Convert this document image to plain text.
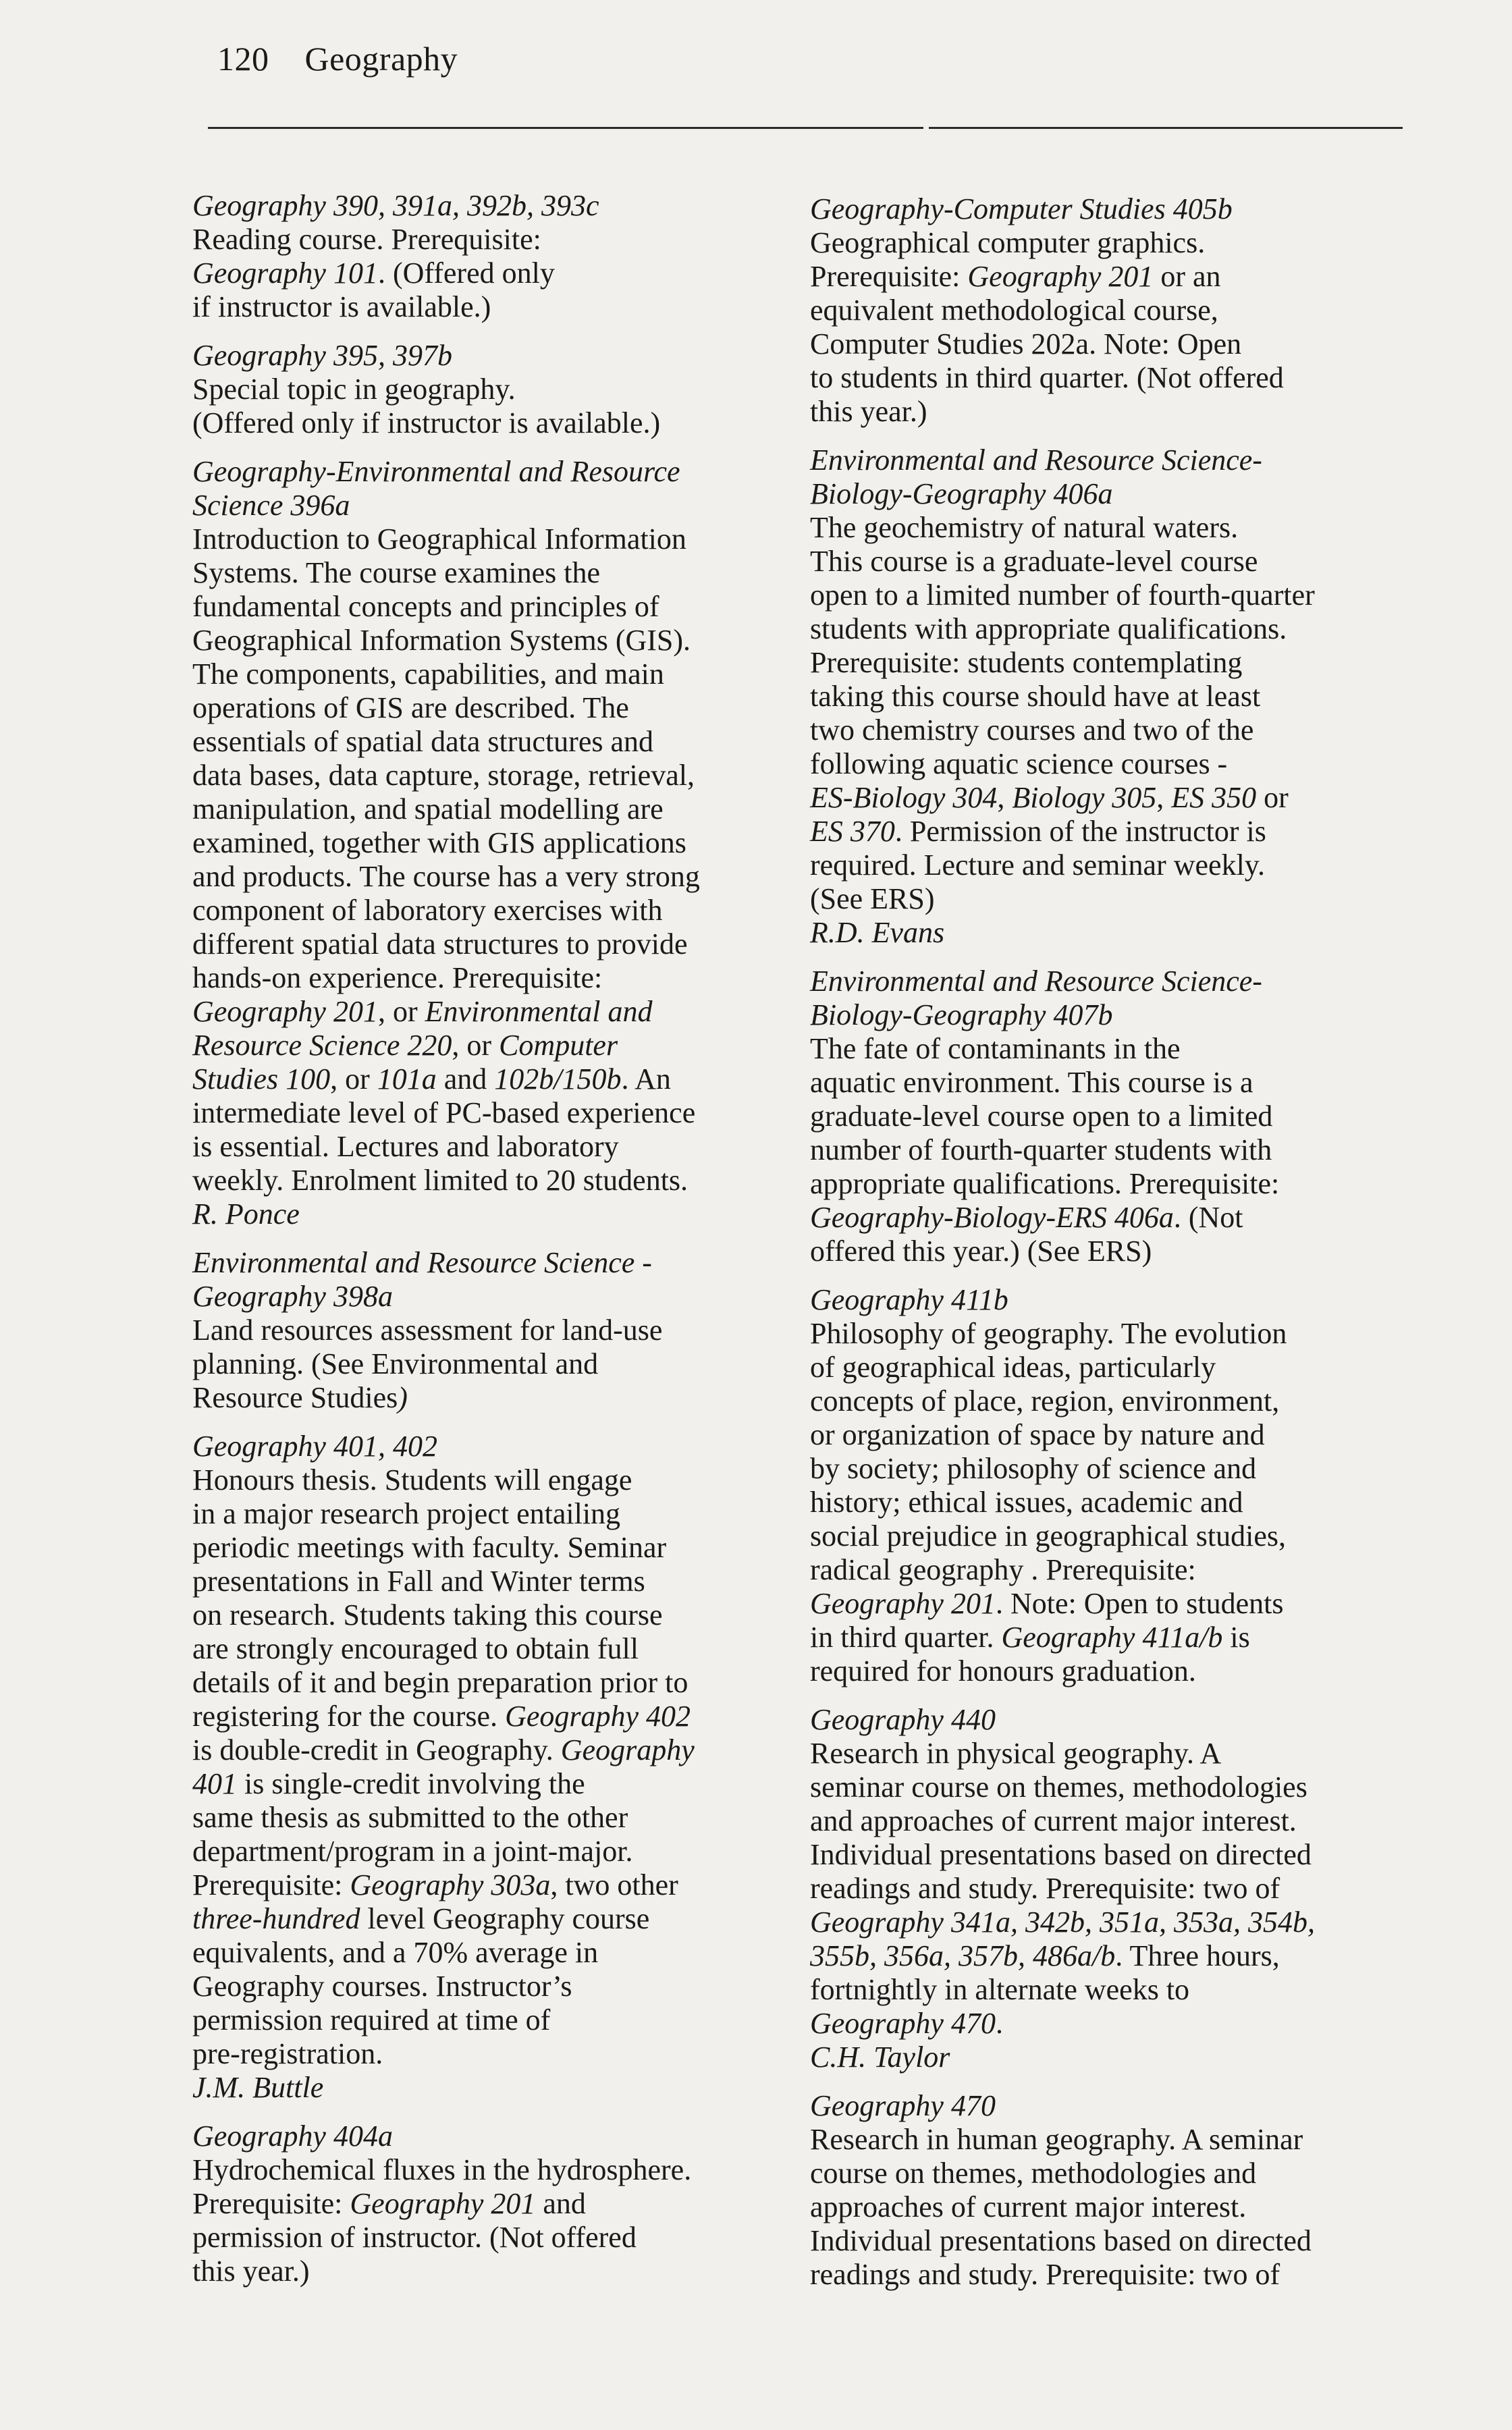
120 Geography
Geography 390, 391a, 392b, 393c
Reading course. Prerequisite:
Geography 101. (Offered only
if instructor is available.)
Geography 395, 397b
Special topic in geography.
(Offered only if instructor is available.)
Geography-Environmental and Resource
Science 396a
Introduction to Geographical Information
Systems. The course examines the
fundamental concepts and principles of
Geographical Information Systems (GIS).
The components, capabilities, and main
operations of GIS are described. The
essentials of spatial data structures and
data bases, data capture, storage, retrieval,
manipulation, and spatial modelling are
examined, together with GIS applications
and products. The course has a very strong
component of laboratory exercises with
different spatial data structures to provide
hands-on experience. Prerequisite:
Geography 201, or Environmental and
Resource Science 220, or Computer
Studies 100, or 101a and 102b/150b. An
intermediate level of PC-based experience
is essential. Lectures and laboratory
weekly. Enrolment limited to 20 students.
R. Ponce
Environmental and Resource Science -
Geography 398a
Land resources assessment for land-use
planning. (See Environmental and
Resource Studies)
Geography 401, 402
Honours thesis. Students will engage
in a major research project entailing
periodic meetings with faculty. Seminar
presentations in Fall and Winter terms
on research. Students taking this course
are strongly encouraged to obtain full
details of it and begin preparation prior to
registering for the course. Geography 402
is double-credit in Geography. Geography
401 is single-credit involving the
same thesis as submitted to the other
department/program in a joint-major.
Prerequisite: Geography 303a, two other
three-hundred level Geography course
equivalents, and a 70% average in
Geography courses. Instructor’s
permission required at time of
pre-registration.
J.M. Buttle
Geography 404a
Hydrochemical fluxes in the hydrosphere.
Prerequisite: Geography 201 and
permission of instructor. (Not offered
this year.)
Geography-Computer Studies 405b
Geographical computer graphics.
Prerequisite: Geography 201 or an
equivalent methodological course,
Computer Studies 202a. Note: Open
to students in third quarter. (Not offered
this year.)
Environmental and Resource Science-
Biology-Geography 406a
The geochemistry of natural waters.
This course is a graduate-level course
open to a limited number of fourth-quarter
students with appropriate qualifications.
Prerequisite: students contemplating
taking this course should have at least
two chemistry courses and two of the
following aquatic science courses -
ES-Biology 304, Biology 305, ES 350 or
ES 370. Permission of the instructor is
required. Lecture and seminar weekly.
(See ERS)
R.D. Evans
Environmental and Resource Science-
Biology-Geography 407b
The fate of contaminants in the
aquatic environment. This course is a
graduate-level course open to a limited
number of fourth-quarter students with
appropriate qualifications. Prerequisite:
Geography-Biology-ERS 406a. (Not
offered this year.) (See ERS)
Geography 411b
Philosophy of geography. The evolution
of geographical ideas, particularly
concepts of place, region, environment,
or organization of space by nature and
by society; philosophy of science and
history; ethical issues, academic and
social prejudice in geographical studies,
radical geography . Prerequisite:
Geography 201. Note: Open to students
in third quarter. Geography 411a/b is
required for honours graduation.
Geography 440
Research in physical geography. A
seminar course on themes, methodologies
and approaches of current major interest.
Individual presentations based on directed
readings and study. Prerequisite: two of
Geography 341a, 342b, 351a, 353a, 354b,
355b, 356a, 357b, 486a/b. Three hours,
fortnightly in alternate weeks to
Geography 470.
C.H. Taylor
Geography 470
Research in human geography. A seminar
course on themes, methodologies and
approaches of current major interest.
Individual presentations based on directed
readings and study. Prerequisite: two of
